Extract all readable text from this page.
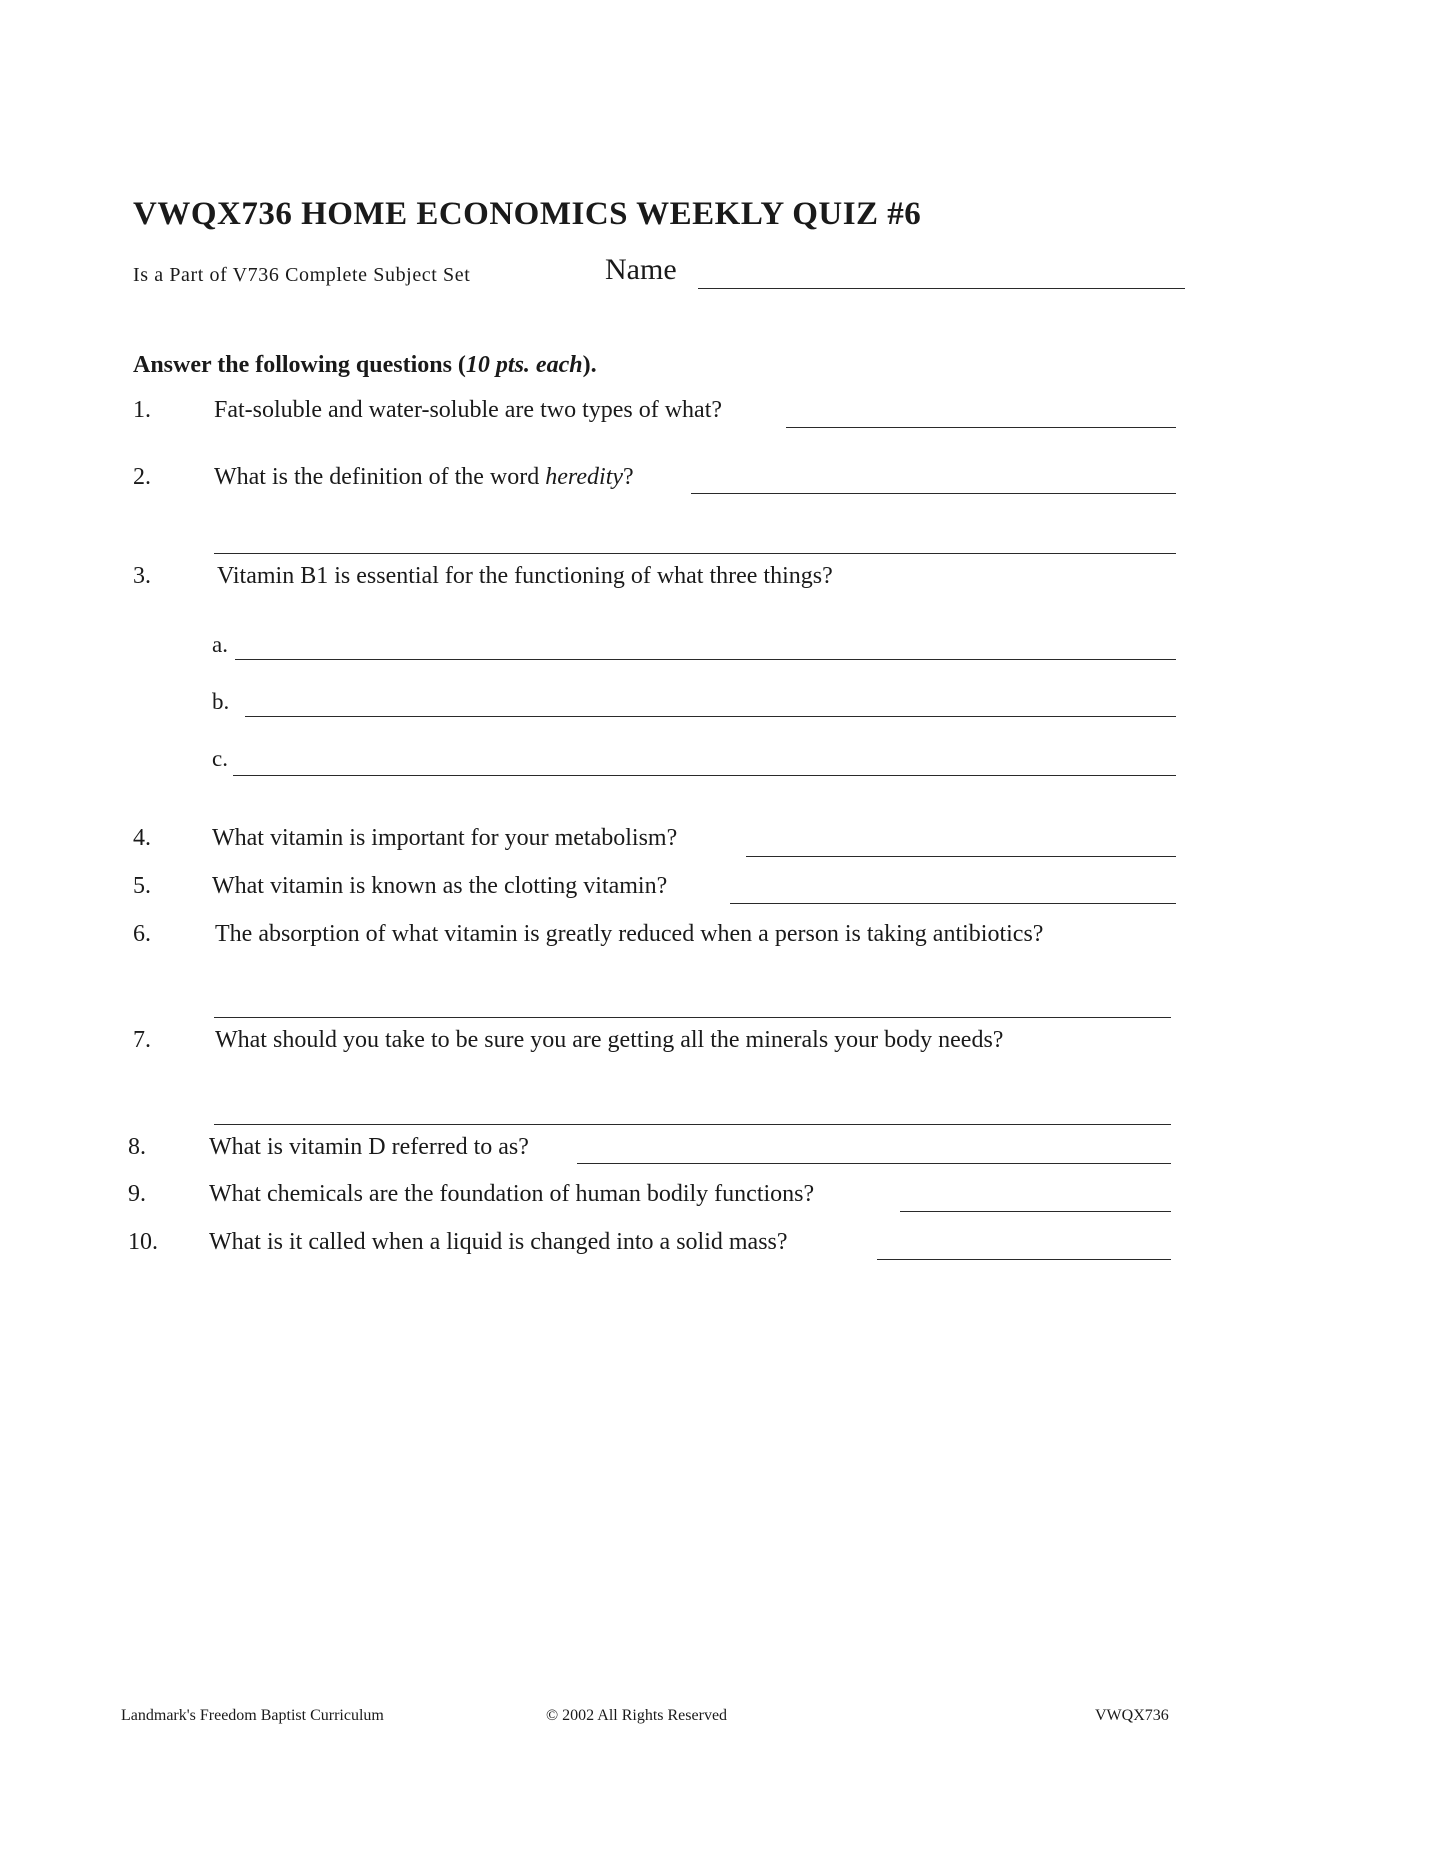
VWQX736 HOME ECONOMICS WEEKLY QUIZ #6
Is a Part of V736 Complete Subject Set	Name
Answer the following questions (10 pts. each).
1.	Fat-soluble and water-soluble are two types of what?
2.	What is the definition of the word heredity?
3.	Vitamin B1 is essential for the functioning of what three things?
a.
b.
c.
4.	What vitamin is important for your metabolism?
5.	What vitamin is known as the clotting vitamin?
6.	The absorption of what vitamin is greatly reduced when a person is taking antibiotics?
7.	What should you take to be sure you are getting all the minerals your body needs?
8.	What is vitamin D referred to as?
9.	What chemicals are the foundation of human bodily functions?
10. What is it called when a liquid is changed into a solid mass?
Landmark's Freedom Baptist Curriculum	© 2002 All Rights Reserved	VWQX736
